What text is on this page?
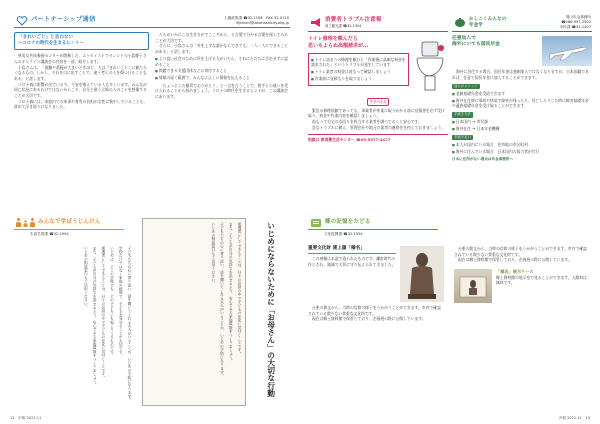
パートナーシップ通信	人権政策課 ☎32-1108　FAX 32-0110
✉jinken@takahashicity.okg.jp
「きれいごと」と言わない
～コロナの時代を生きるヒント～

県男女共同参画センターが開催した、エッセイストでタレントの小島慶子さんのオンライン講演会の内容を一部、紹介します。

小島さんは、「困難や葛藤が大きいときほど、人は『きれいごと』に頼りたくなるもの。しかし、それを口に出すことで、違う考えの人を傷つけることもある」と話します。

コロナ禍に影響が出ている今、不安を抱えている人も多くいます。みんなが同じ状況にあるわけではないからこそ、自分と違う立場の人のことを想像することが大切です。

コロナ禍には、家庭内での家事や育児の負担が女性に集中していることも、改めて浮き彫りになりました。

たちがいかにこの生き方がでこころから、と言葉で分かる言葉を探してみることが大切です。

さらに、小島さんは「外を上手な誰かならできても、一人一人にできることがある」と話します。

■ より良い社会のために声を上げる人がいたら、それにただちに否定せずに認めること
■ 問題できる支援団体などに寄付すること
■ 情報の届く範囲で、みんなに正しい情報を伝えること

「ちょっとした親切でおりがとう」と一言を言うことで、相手との違いを受け入れることから始めましょう。コロナの時代を生きるヒントが、この講演会にあります。

みんなで学ぼうじんけん
生涯学習課 ☎32-1954
子どもたちの心に寄り添い、話を聞いてくれる大人がいることが、いじめの予防になります。
学校だけではなく家庭や地域で、子どもを見守ることが大切です。
いじめは、どこの学校でも、どの子どもにも起こりうるものです。
保護者としてできることは、日々の会話の中で子どもの変化に気付くことです。
また、子どもが自分の気持ちを話せるよう、安心できる家庭環境をつくりましょう。
いじめの相談窓口もご活用ください。	保護者としてできることは、日々の会話の中で子どもの変化に気付くことです。
また、子どもが自分の気持ちを話せるよう、安心できる家庭環境をつくりましょう。
子どもたちの心に寄り添い、話を聞いてくれる大人がいることが、いじめの予防になります。
いじめの相談窓口もご活用ください。	いじめにならないために「お母さん」の大切な行動
12　市報 2021.11
消費者トラブル注意報
商工観光課 ☎32-1504
トイレ修理を頼んだら
思いもよらぬ高額請求が…
■ トイレ詰まりの修理を頼むと「作業後に高額な料金を請求された」というトラブルが発生しています
■ トイレ業者の料金は前もって確認しましょう
■ 作業前に見積もりを取りましょう
アドバイス

緊急の修理依頼であっても、事業者が作業に取りかかる前に見積書を必ず受け取り、料金や作業内容を確認しましょう。

前もって自宅の水回りを担当する業者を調べておくと安心です。

急なトラブルに備え、管理会社や地元の業者の連絡先を控えておきましょう。

相談は 県消費生活センター ☎03-5977-4477
かしこくみんなの年金学
岡山年金事務所
☎086-957-2502
市民課 ☎32-1407
任意加入で
海外にいても国民年金

海外に居住する場合、国民年金は強制加入ではなくなりますが、日本国籍であれば、任意で国民年金に加入することができます。

加入のメリット
■ 老齢基礎年金を受給できます
■ 海外在住時に事故や病気で障害が残ったり、死亡したりした時に障害基礎年金や遺族基礎年金を受け取ることができます
手続き方法
■ 日本国内 → 市民課
■ 海外在住 → 日本年金機構
手続き窓口
■ 本人が国内にいる場合　住所地の市区町村
■ 海外に住んでいる場合　日本国内の協力者が代行
日本に住所がない場合は年金事務所へ
郷の記憶をたどる
文化振興課 ☎32-1954
重要文化財 連上頭「榛名」

この神像は木造で造られたものです。鎌倉時代の作とされ、地域で大切に守り伝えられてきました。

台座の銘文から、当時の信仰の様子をうかがうことができます。市内で確認されている数少ない貴重な文化財です。

現在は郷土資料館で保管しており、企画展の際に公開しています。

台座の銘文から、当時の信仰の様子をうかがうことができます。市内で確認されている数少ない貴重な文化財です。

現在は郷土資料館で保管しており、企画展の際に公開しています。

「榛名」展示ケース

郷土資料館の展示室で見ることができます。入館料は無料です。

市報 2021.11　13
